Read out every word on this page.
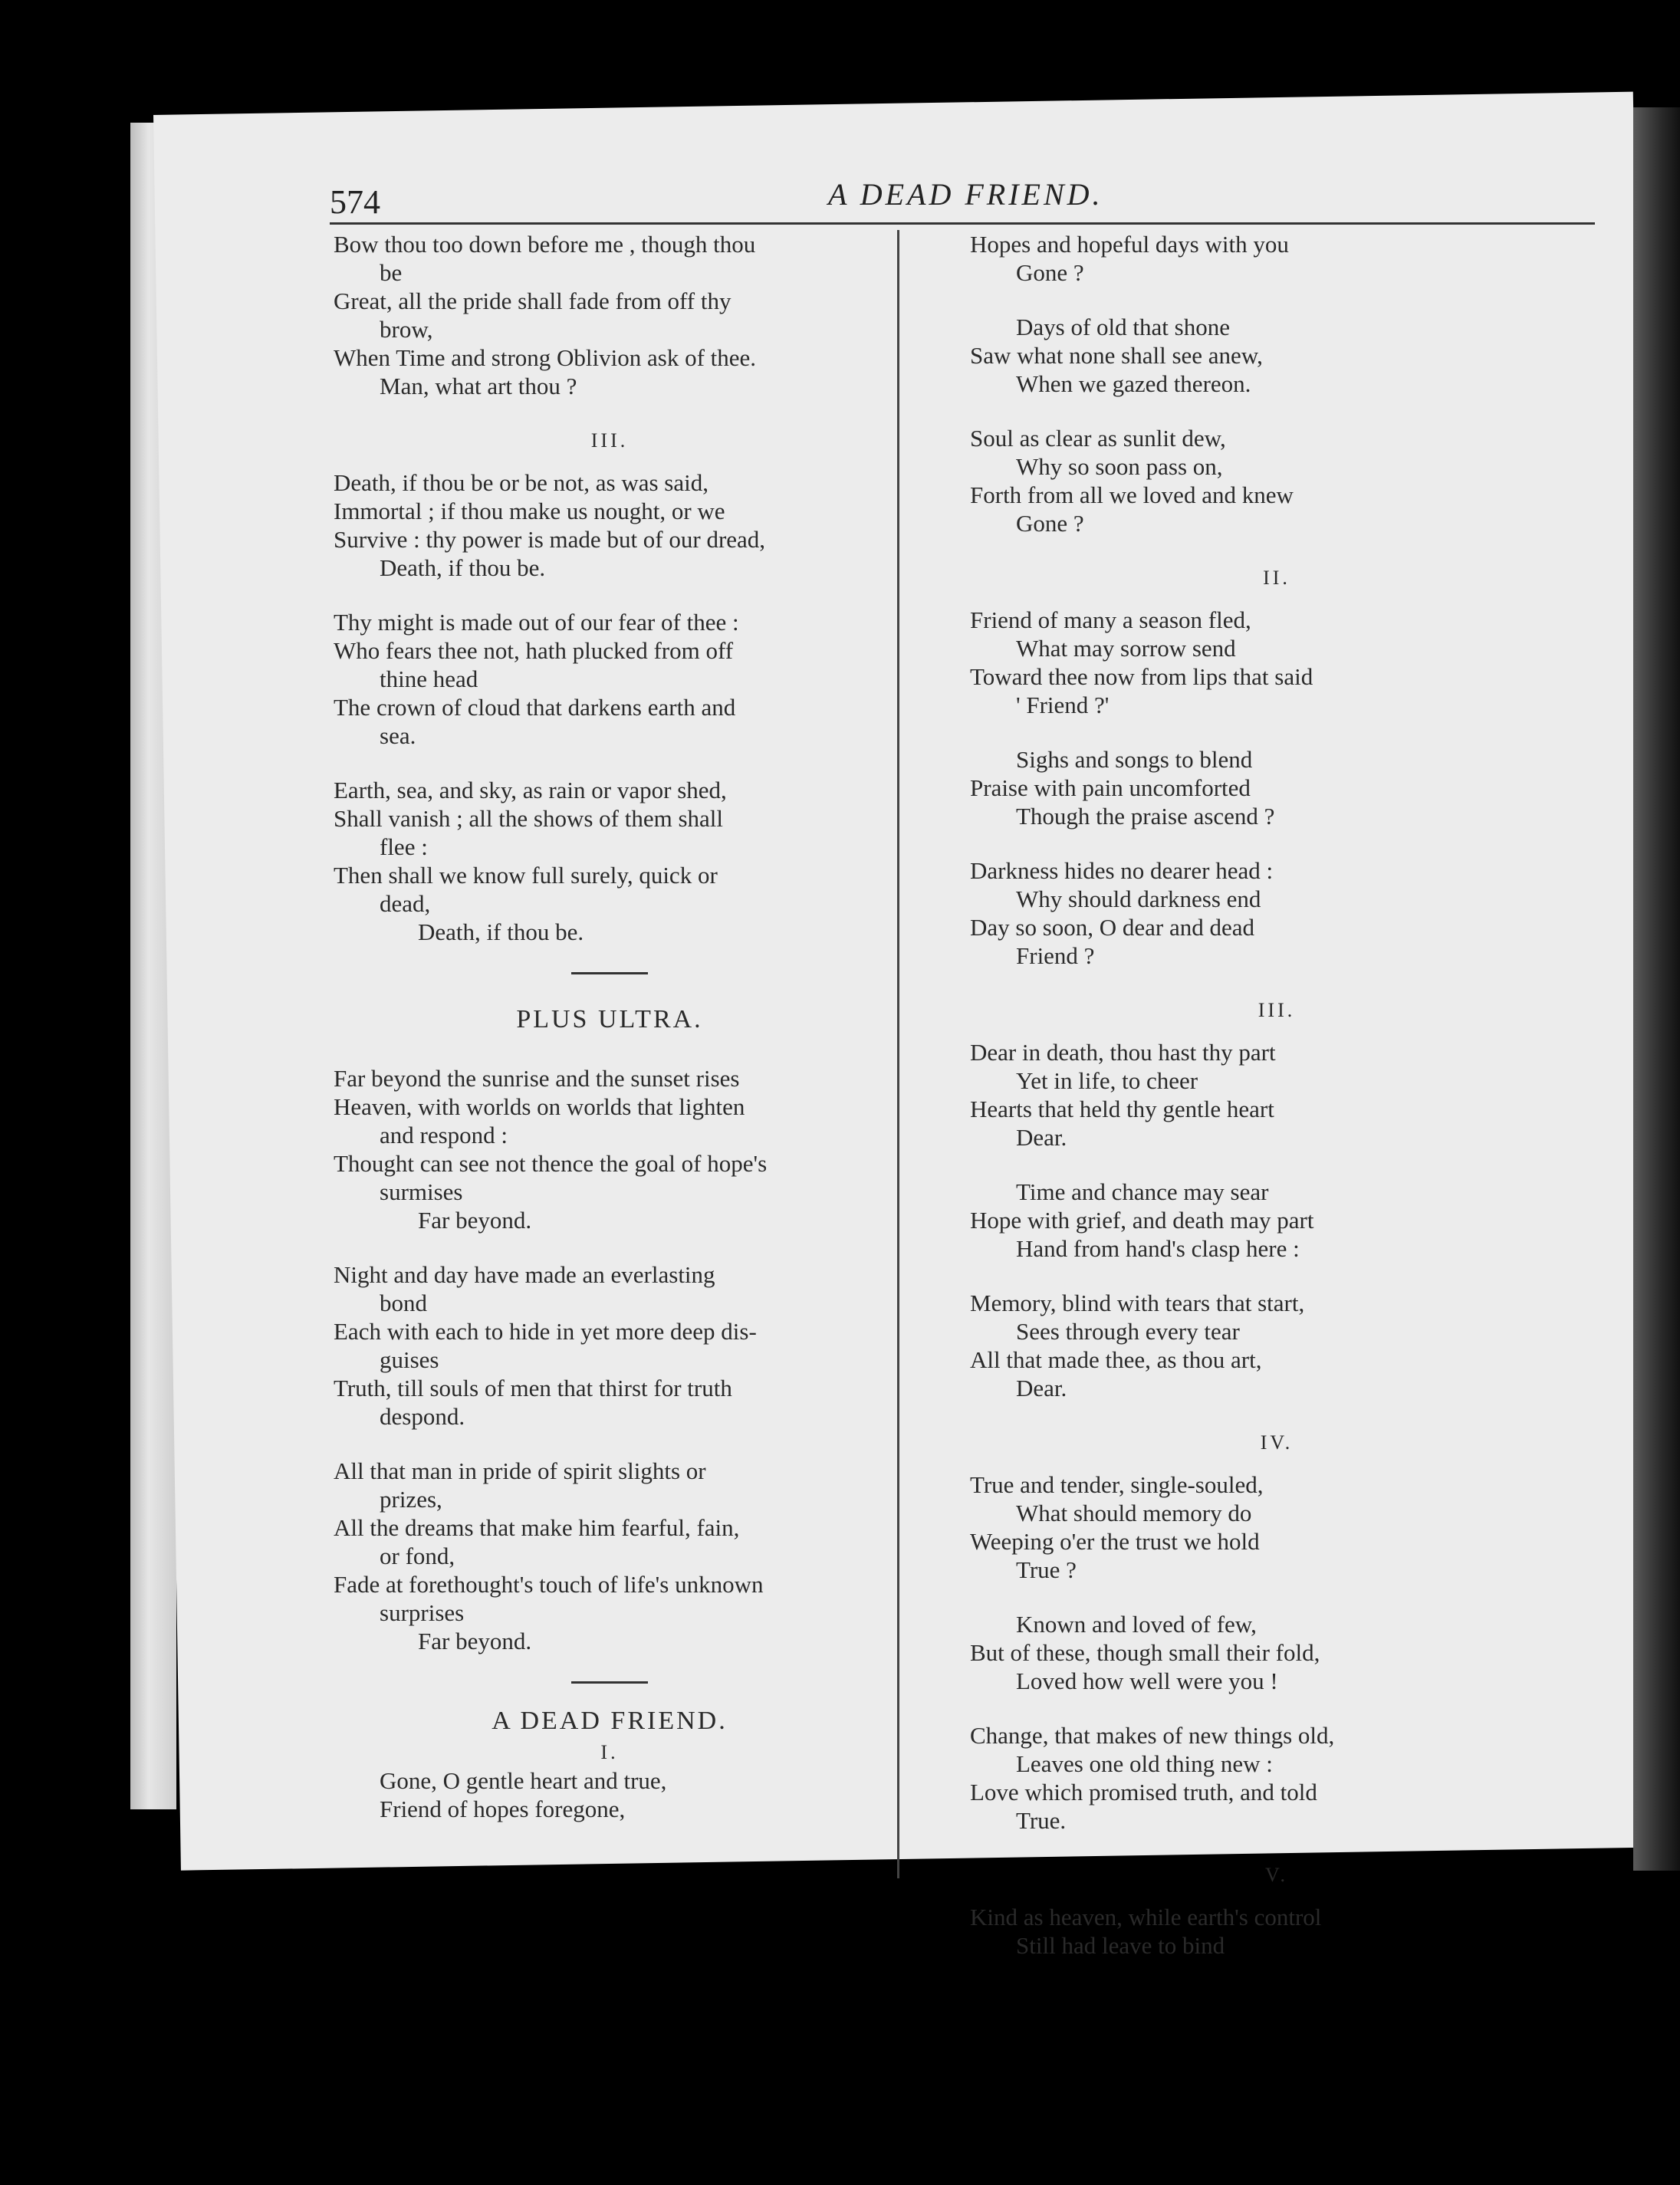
574	A DEAD FRIEND.
Bow thou too down before me , though thou
be
Great, all the pride shall fade from off thy
brow,
When Time and strong Oblivion ask of thee.
Man, what art thou ?
III.
Death, if thou be or be not, as was said,
Immortal ; if thou make us nought, or we
Survive : thy power is made but of our dread,
Death, if thou be.
Thy might is made out of our fear of thee :
Who fears thee not, hath plucked from off
thine head
The crown of cloud that darkens earth and
sea.
Earth, sea, and sky, as rain or vapor shed,
Shall vanish ; all the shows of them shall
flee :
Then shall we know full surely, quick or
dead,
Death, if thou be.
PLUS ULTRA.
Far beyond the sunrise and the sunset rises
Heaven, with worlds on worlds that lighten
and respond :
Thought can see not thence the goal of hope's
surmises
Far beyond.
Night and day have made an everlasting
bond
Each with each to hide in yet more deep dis-
guises
Truth, till souls of men that thirst for truth
despond.
All that man in pride of spirit slights or
prizes,
All the dreams that make him fearful, fain,
or fond,
Fade at forethought's touch of life's unknown
surprises
Far beyond.
A DEAD FRIEND.
I.
Gone, O gentle heart and true,
Friend of hopes foregone,
Hopes and hopeful days with you
Gone ?
Days of old that shone
Saw what none shall see anew,
When we gazed thereon.
Soul as clear as sunlit dew,
Why so soon pass on,
Forth from all we loved and knew
Gone ?
II.
Friend of many a season fled,
What may sorrow send
Toward thee now from lips that said
' Friend ?'
Sighs and songs to blend
Praise with pain uncomforted
Though the praise ascend ?
Darkness hides no dearer head :
Why should darkness end
Day so soon, O dear and dead
Friend ?
III.
Dear in death, thou hast thy part
Yet in life, to cheer
Hearts that held thy gentle heart
Dear.
Time and chance may sear
Hope with grief, and death may part
Hand from hand's clasp here :
Memory, blind with tears that start,
Sees through every tear
All that made thee, as thou art,
Dear.
IV.
True and tender, single-souled,
What should memory do
Weeping o'er the trust we hold
True ?
Known and loved of few,
But of these, though small their fold,
Loved how well were you !
Change, that makes of new things old,
Leaves one old thing new :
Love which promised truth, and told
True.
V.
Kind as heaven, while earth's control
Still had leave to bind
